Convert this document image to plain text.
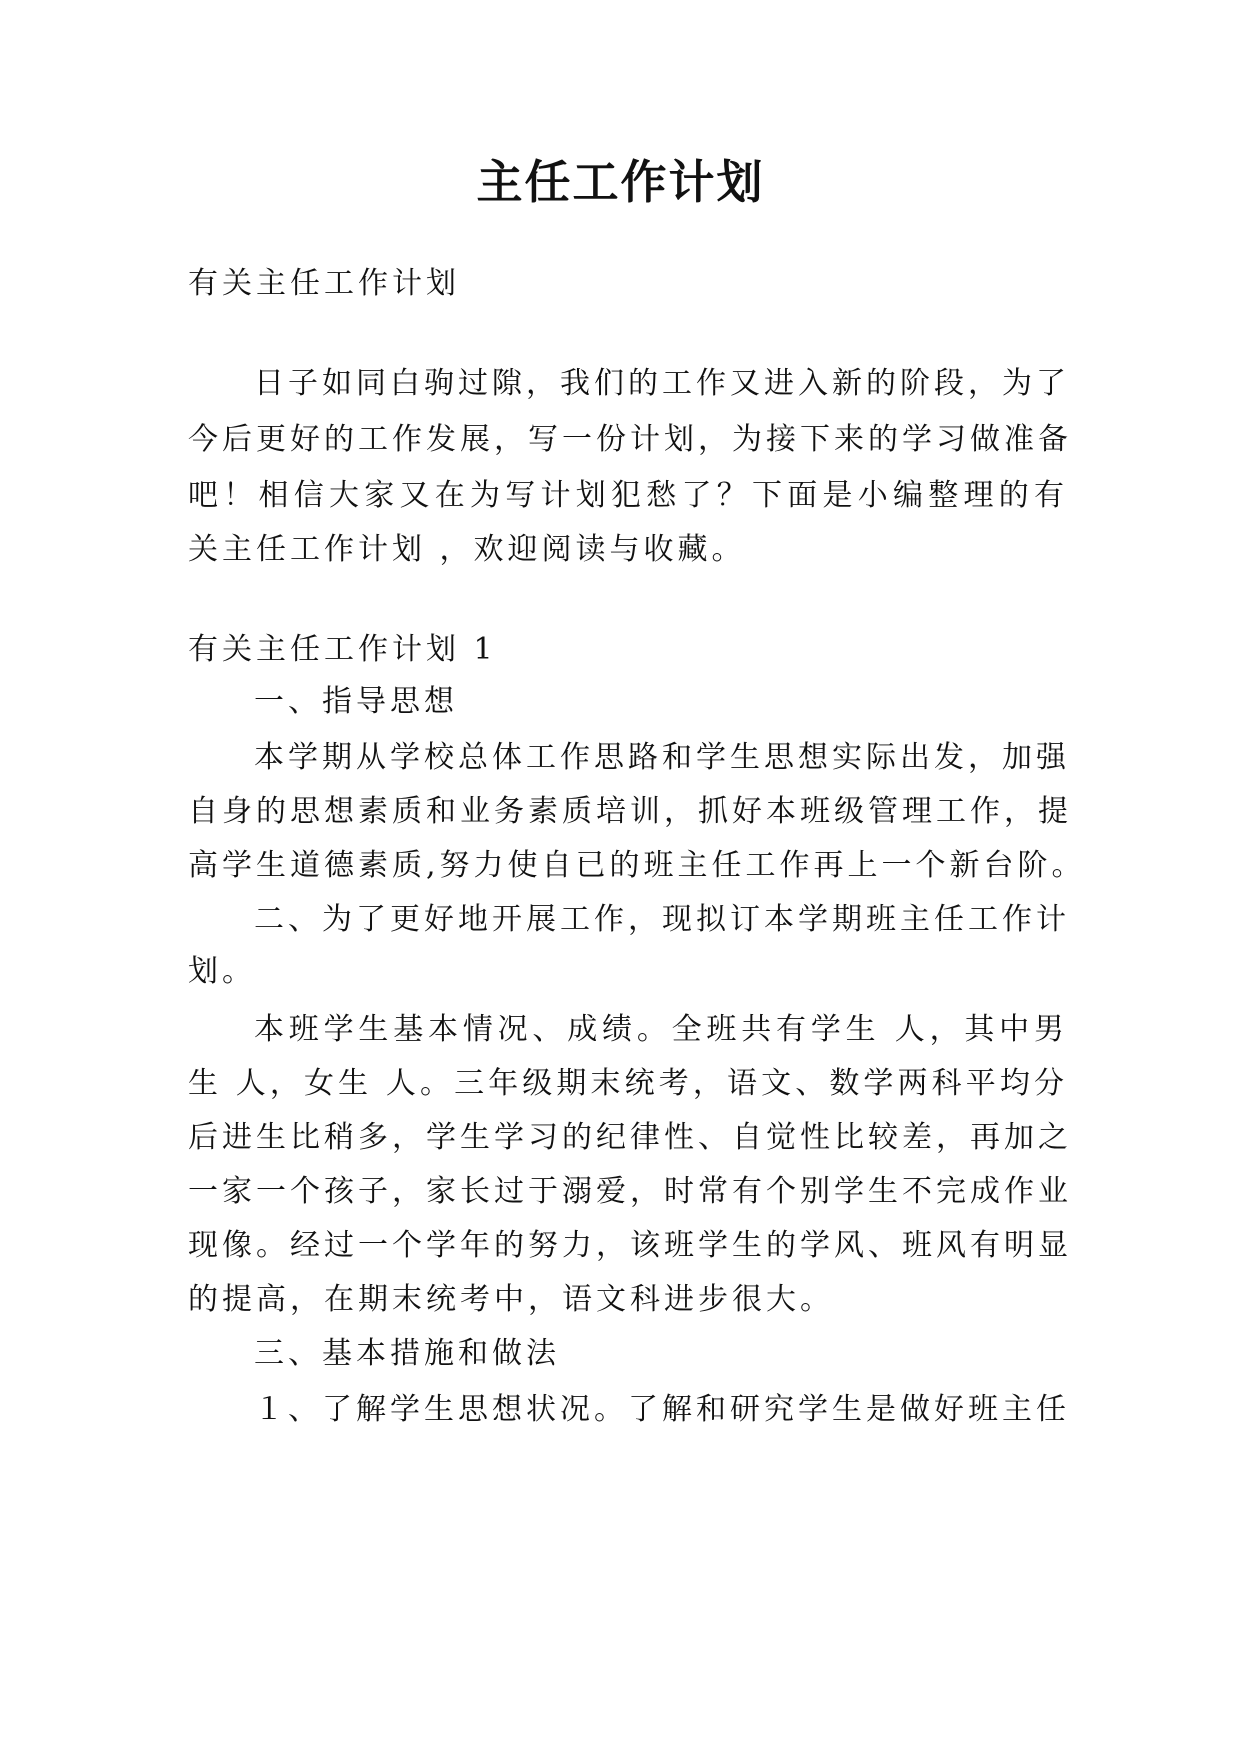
主任工作计划

有关主任工作计划

日子如同白驹过隙，我们的工作又进入新的阶段，为了

今后更好的工作发展，写一份计划，为接下来的学习做准备

吧！相信大家又在为写计划犯愁了？下面是小编整理的有

关主任工作计划 ，欢迎阅读与收藏。

有关主任工作计划 1

一、指导思想

本学期从学校总体工作思路和学生思想实际出发，加强

自身的思想素质和业务素质培训，抓好本班级管理工作，提

高学生道德素质,努力使自已的班主任工作再上一个新台阶。

二、为了更好地开展工作，现拟订本学期班主任工作计

划。

本班学生基本情况、成绩。全班共有学生 人，其中男

生 人，女生 人。三年级期末统考，语文、数学两科平均分

后进生比稍多，学生学习的纪律性、自觉性比较差，再加之

一家一个孩子，家长过于溺爱，时常有个别学生不完成作业

现像。经过一个学年的努力，该班学生的学风、班风有明显

的提高，在期末统考中，语文科进步很大。

三、基本措施和做法

１、了解学生思想状况。了解和研究学生是做好班主任
